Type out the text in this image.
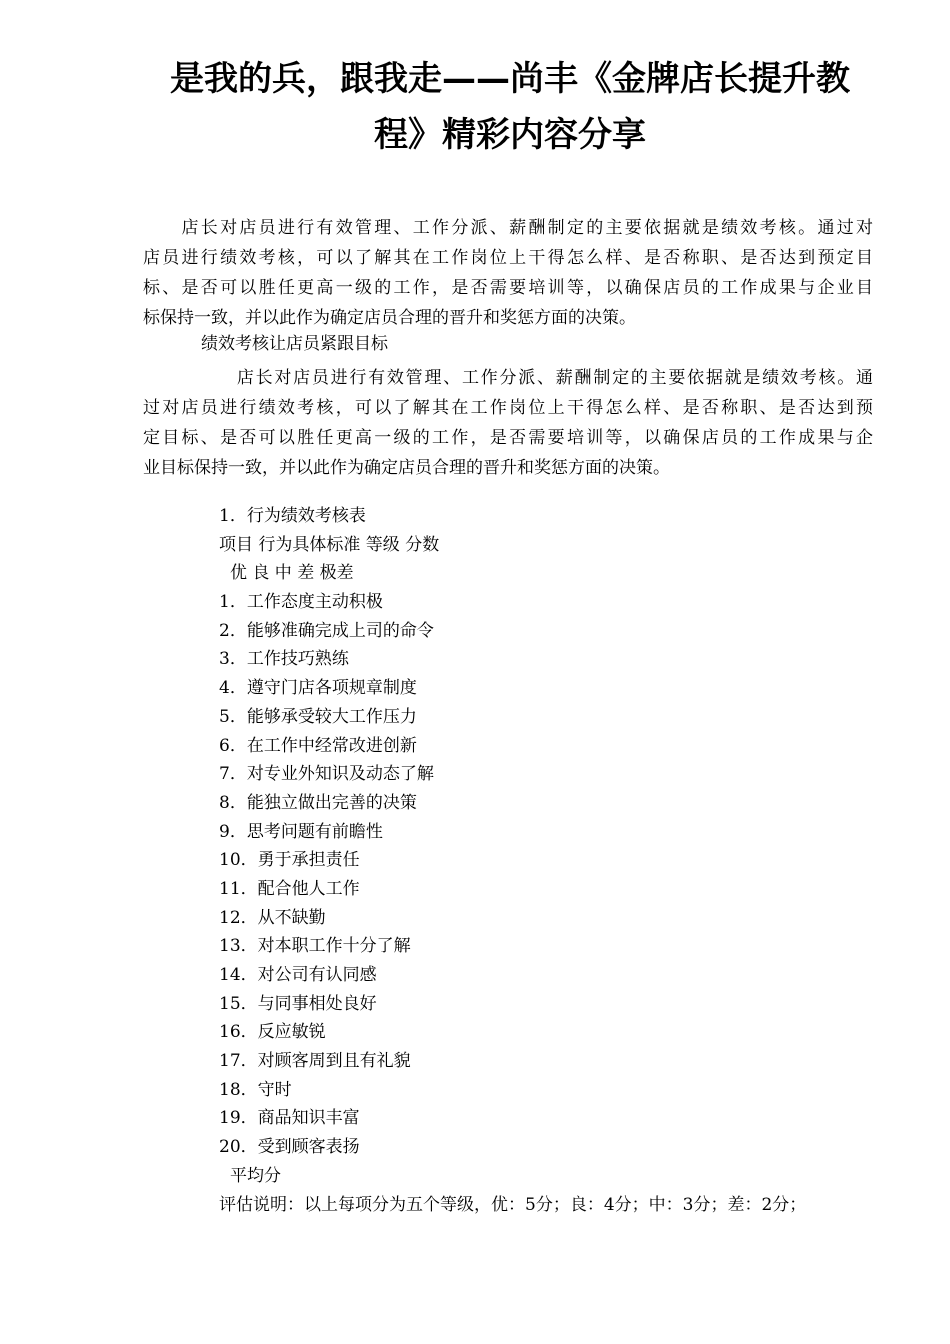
是我的兵，跟我走——尚丰《金牌店长提升教
程》精彩内容分享
　　店长对店员进行有效管理、工作分派、薪酬制定的主要依据就是绩效考核。通过对
店员进行绩效考核，可以了解其在工作岗位上干得怎么样、是否称职、是否达到预定目
标、是否可以胜任更高一级的工作，是否需要培训等，以确保店员的工作成果与企业目
标保持一致，并以此作为确定店员合理的晋升和奖惩方面的决策。

绩效考核让店员紧跟目标

　　　　　店长对店员进行有效管理、工作分派、薪酬制定的主要依据就是绩效考核。通
过对店员进行绩效考核，可以了解其在工作岗位上干得怎么样、是否称职、是否达到预
定目标、是否可以胜任更高一级的工作，是否需要培训等，以确保店员的工作成果与企
业目标保持一致，并以此作为确定店员合理的晋升和奖惩方面的决策。
1．行为绩效考核表
项目 行为具体标准 等级 分数
优 良 中 差 极差
1．工作态度主动积极
2．能够准确完成上司的命令
3．工作技巧熟练
4．遵守门店各项规章制度
5．能够承受较大工作压力
6．在工作中经常改进创新
7．对专业外知识及动态了解
8．能独立做出完善的决策
9．思考问题有前瞻性
10．勇于承担责任
11．配合他人工作
12．从不缺勤
13．对本职工作十分了解
14．对公司有认同感
15．与同事相处良好
16．反应敏锐
17．对顾客周到且有礼貌
18．守时
19．商品知识丰富
20．受到顾客表扬
平均分
评估说明：以上每项分为五个等级，优：5分；良：4分；中：3分；差：2分；
